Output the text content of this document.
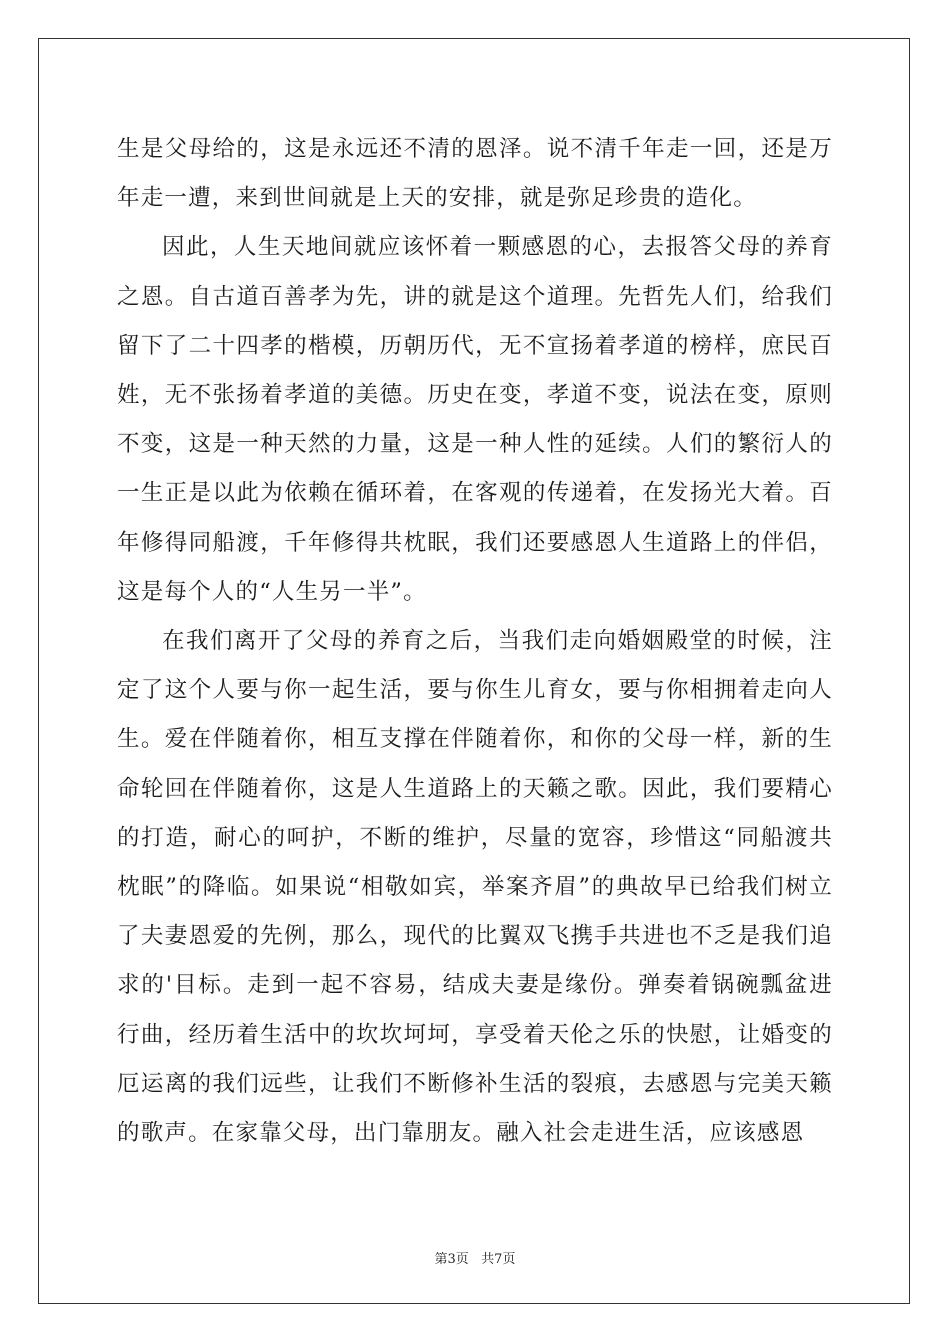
生是父母给的，这是永远还不清的恩泽。说不清千年走一回，还是万年走一遭，来到世间就是上天的安排，就是弥足珍贵的造化。

因此，人生天地间就应该怀着一颗感恩的心，去报答父母的养育之恩。自古道百善孝为先，讲的就是这个道理。先哲先人们，给我们留下了二十四孝的楷模，历朝历代，无不宣扬着孝道的榜样，庶民百姓，无不张扬着孝道的美德。历史在变，孝道不变，说法在变，原则不变，这是一种天然的力量，这是一种人性的延续。人们的繁衍人的一生正是以此为依赖在循环着，在客观的传递着，在发扬光大着。百年修得同船渡，千年修得共枕眠，我们还要感恩人生道路上的伴侣，这是每个人的“人生另一半”。

在我们离开了父母的养育之后，当我们走向婚姻殿堂的时候，注定了这个人要与你一起生活，要与你生儿育女，要与你相拥着走向人生。爱在伴随着你，相互支撑在伴随着你，和你的父母一样，新的生命轮回在伴随着你，这是人生道路上的天籁之歌。因此，我们要精心的打造，耐心的呵护，不断的维护，尽量的宽容，珍惜这“同船渡共枕眠”的降临。如果说“相敬如宾，举案齐眉”的典故早已给我们树立了夫妻恩爱的先例，那么，现代的比翼双飞携手共进也不乏是我们追求的'目标。走到一起不容易，结成夫妻是缘份。弹奏着锅碗瓢盆进行曲，经历着生活中的坎坎坷坷，享受着天伦之乐的快慰，让婚变的厄运离的我们远些，让我们不断修补生活的裂痕，去感恩与完美天籁的歌声。在家靠父母，出门靠朋友。融入社会走进生活，应该感恩

第3页   共7页
